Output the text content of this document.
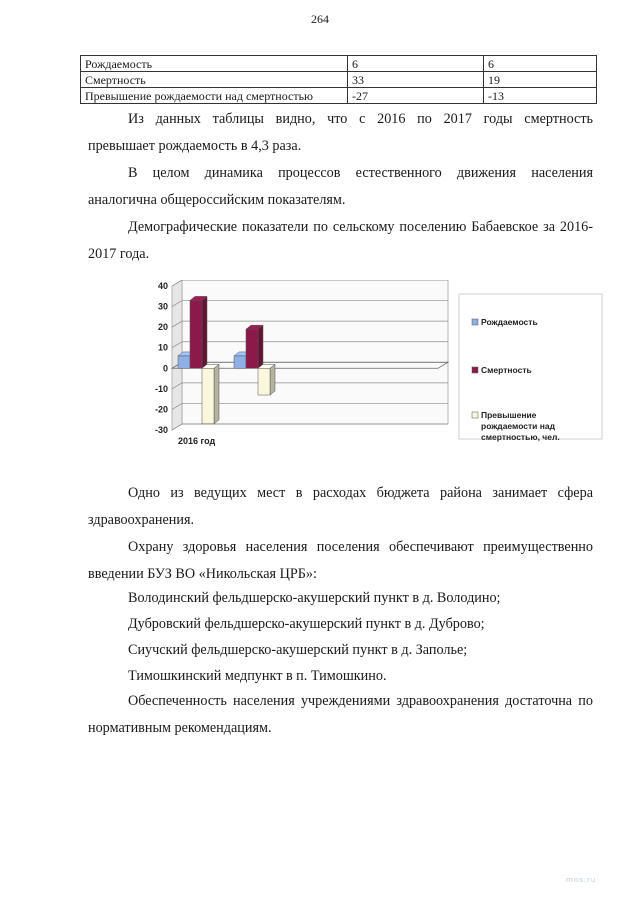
264
Рождаемость	6	6
Смертность	33	19
Превышение рождаемости над смертностью	-27	-13
Из данных таблицы видно, что с 2016 по 2017 годы смертность
превышает рождаемость в 4,3 раза.
В целом динамика процессов естественного движения населения аналогична общероссийским показателям.
Демографические показатели по сельскому поселению Бабаевское за 2016-2017 года.
40
30
20
10
0
-10
-20
-30
2016 год
Рождаемость
Смертность
Превышение рождаемости над смертностью, чел.
Одно из ведущих мест в расходах бюджета района занимает сфера здравоохранения.
Охрану здоровья населения поселения обеспечивают преимущественно введении БУЗ ВО «Никольская ЦРБ»:
Володинский фельдшерско-акушерский пункт в д. Володино;
Дубровский фельдшерско-акушерский пункт в д. Дуброво;
Сиучский фельдшерско-акушерский пункт в д. Заполье;
Тимошкинский медпункт в п. Тимошкино.
Обеспеченность населения учреждениями здравоохранения достаточна по нормативным рекомендациям.
mos.ru
